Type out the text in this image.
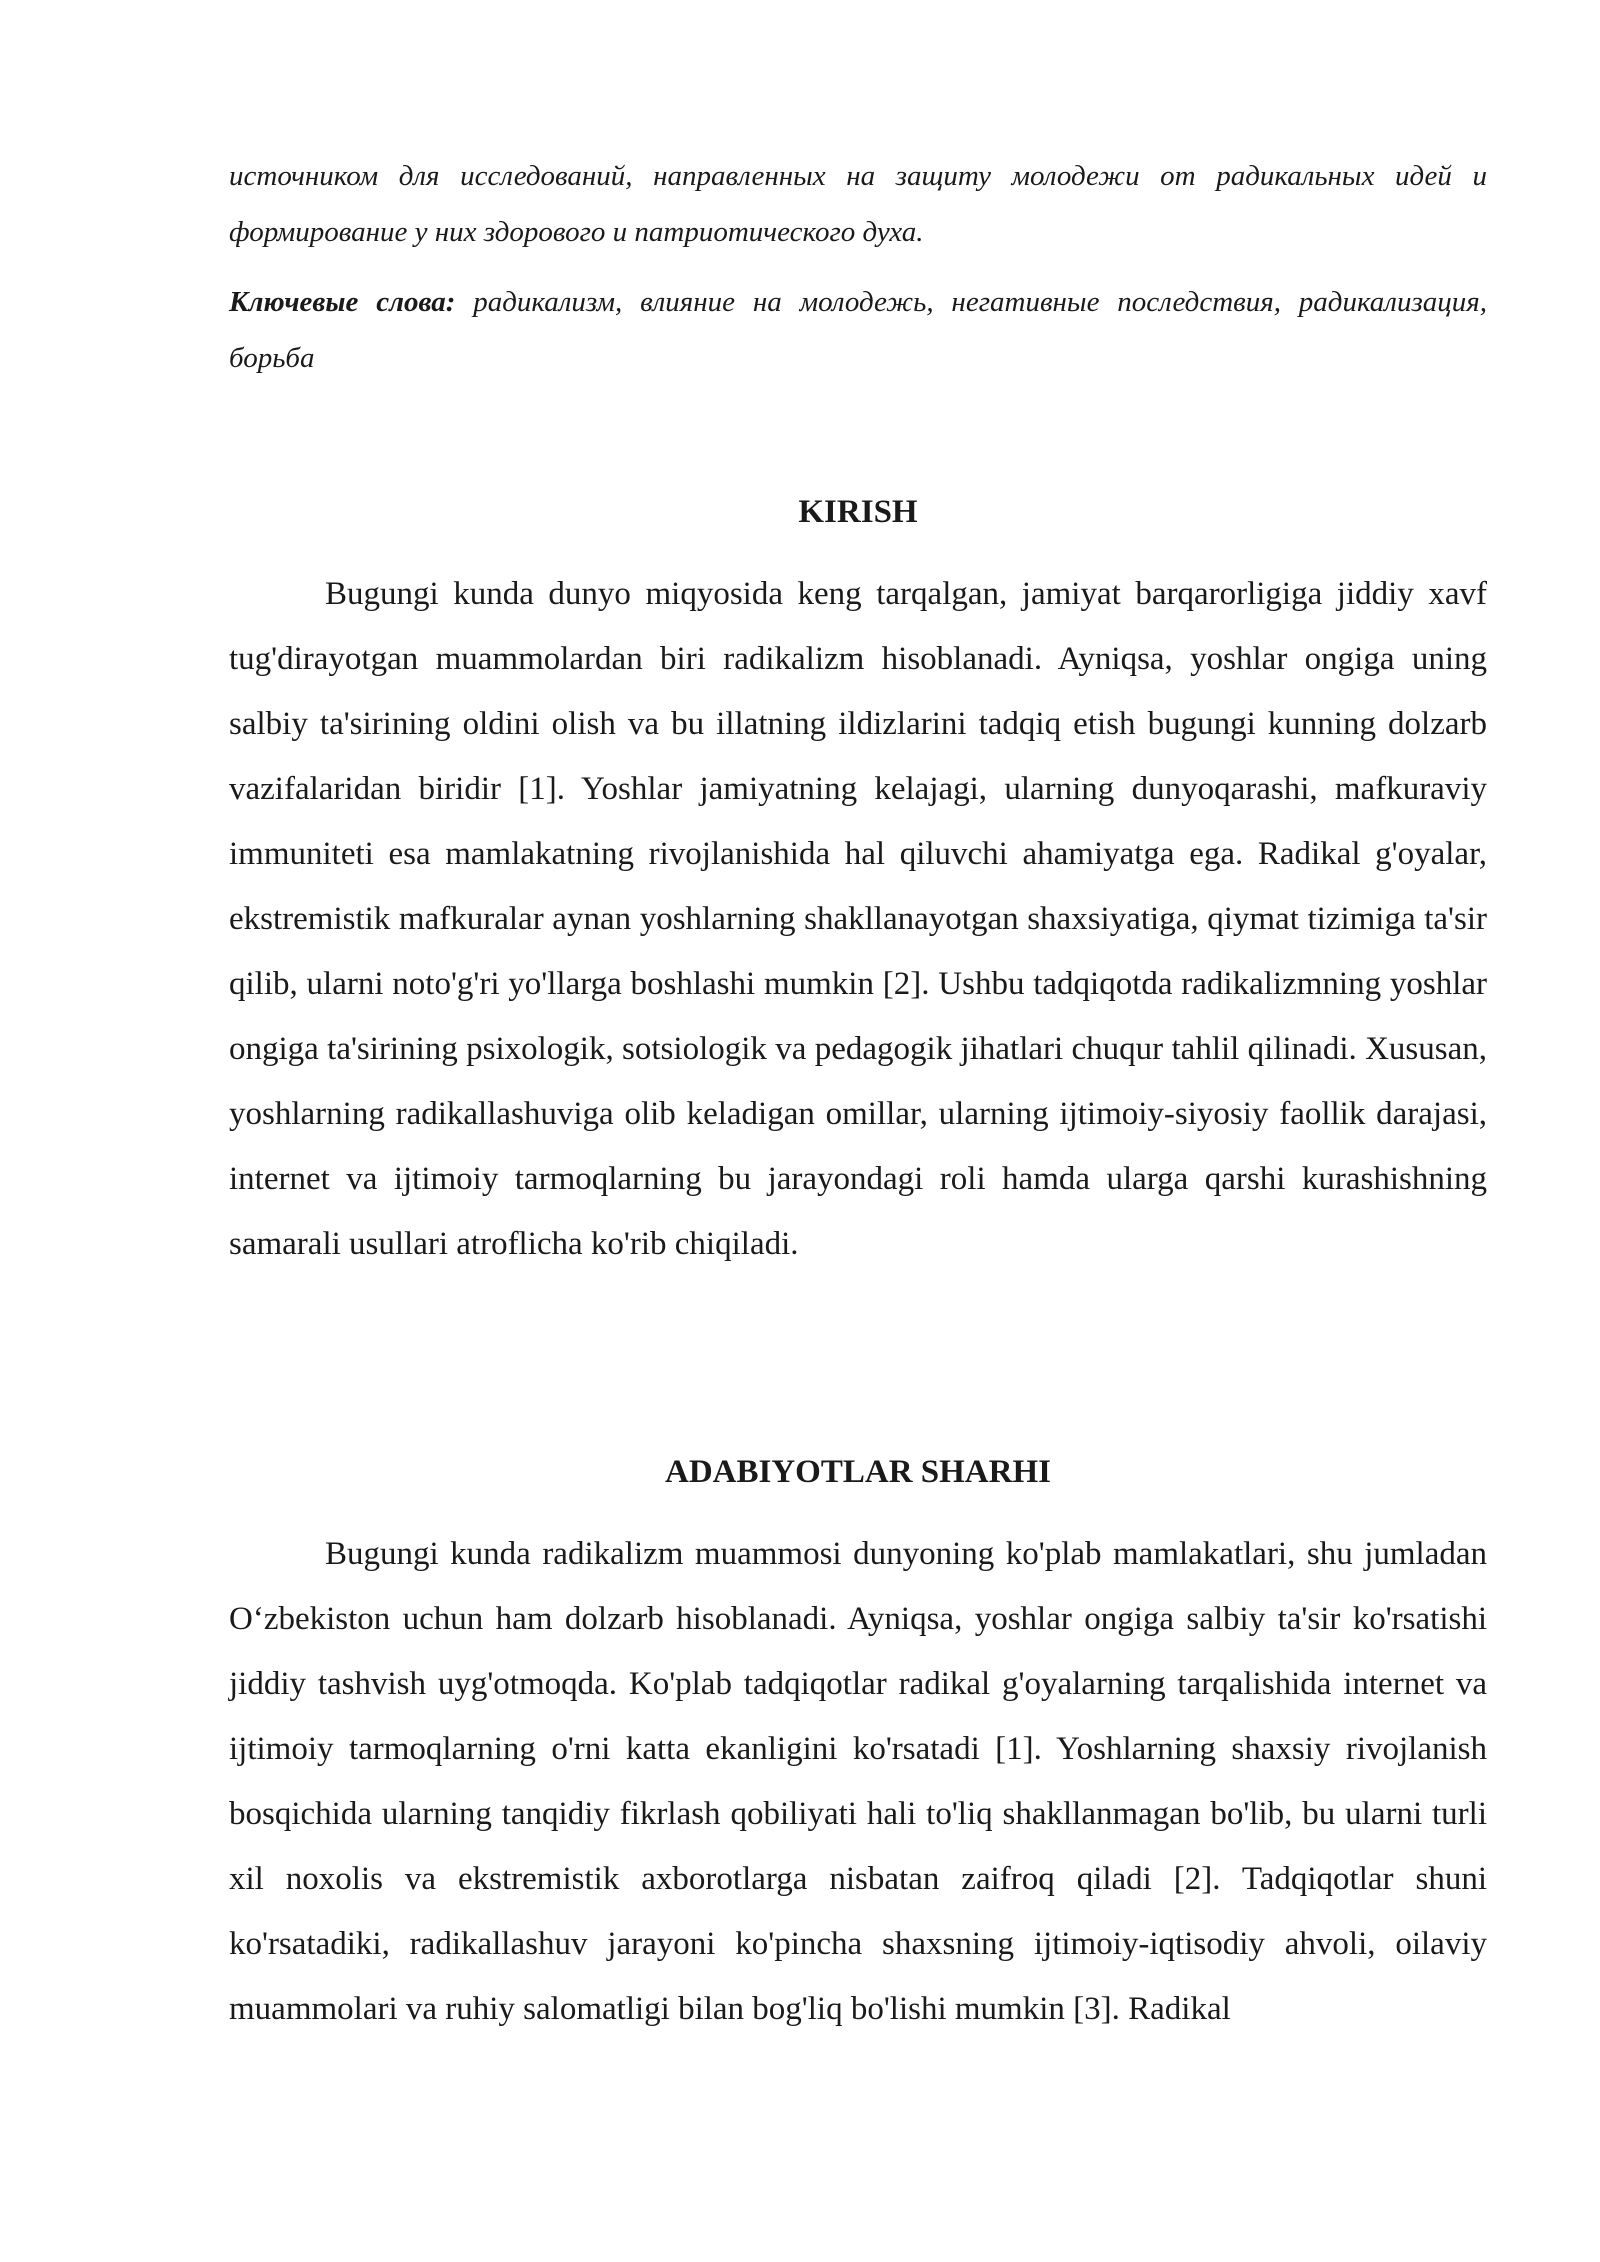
источником для исследований, направленных на защиту молодежи от радикальных идей и формирование у них здорового и патриотического духа.

Ключевые слова: радикализм, влияние на молодежь, негативные последствия, радикализация, борьба

KIRISH

Bugungi kunda dunyo miqyosida keng tarqalgan, jamiyat barqarorligiga jiddiy xavf tug'dirayotgan muammolardan biri radikalizm hisoblanadi. Ayniqsa, yoshlar ongiga uning salbiy ta'sirining oldini olish va bu illatning ildizlarini tadqiq etish bugungi kunning dolzarb vazifalaridan biridir [1]. Yoshlar jamiyatning kelajagi, ularning dunyoqarashi, mafkuraviy immuniteti esa mamlakatning rivojlanishida hal qiluvchi ahamiyatga ega. Radikal g'oyalar, ekstremistik mafkuralar aynan yoshlarning shakllanayotgan shaxsiyatiga, qiymat tizimiga ta'sir qilib, ularni noto'g'ri yo'llarga boshlashi mumkin [2]. Ushbu tadqiqotda radikalizmning yoshlar ongiga ta'sirining psixologik, sotsiologik va pedagogik jihatlari chuqur tahlil qilinadi. Xususan, yoshlarning radikallashuviga olib keladigan omillar, ularning ijtimoiy-siyosiy faollik darajasi, internet va ijtimoiy tarmoqlarning bu jarayondagi roli hamda ularga qarshi kurashishning samarali usullari atroflicha ko'rib chiqiladi.

ADABIYOTLAR SHARHI

Bugungi kunda radikalizm muammosi dunyoning ko'plab mamlakatlari, shu jumladan O‘zbekiston uchun ham dolzarb hisoblanadi. Ayniqsa, yoshlar ongiga salbiy ta'sir ko'rsatishi jiddiy tashvish uyg'otmoqda. Ko'plab tadqiqotlar radikal g'oyalarning tarqalishida internet va ijtimoiy tarmoqlarning o'rni katta ekanligini ko'rsatadi [1]. Yoshlarning shaxsiy rivojlanish bosqichida ularning tanqidiy fikrlash qobiliyati hali to'liq shakllanmagan bo'lib, bu ularni turli xil noxolis va ekstremistik axborotlarga nisbatan zaifroq qiladi [2]. Tadqiqotlar shuni ko'rsatadiki, radikallashuv jarayoni ko'pincha shaxsning ijtimoiy-iqtisodiy ahvoli, oilaviy muammolari va ruhiy salomatligi bilan bog'liq bo'lishi mumkin [3]. Radikal
